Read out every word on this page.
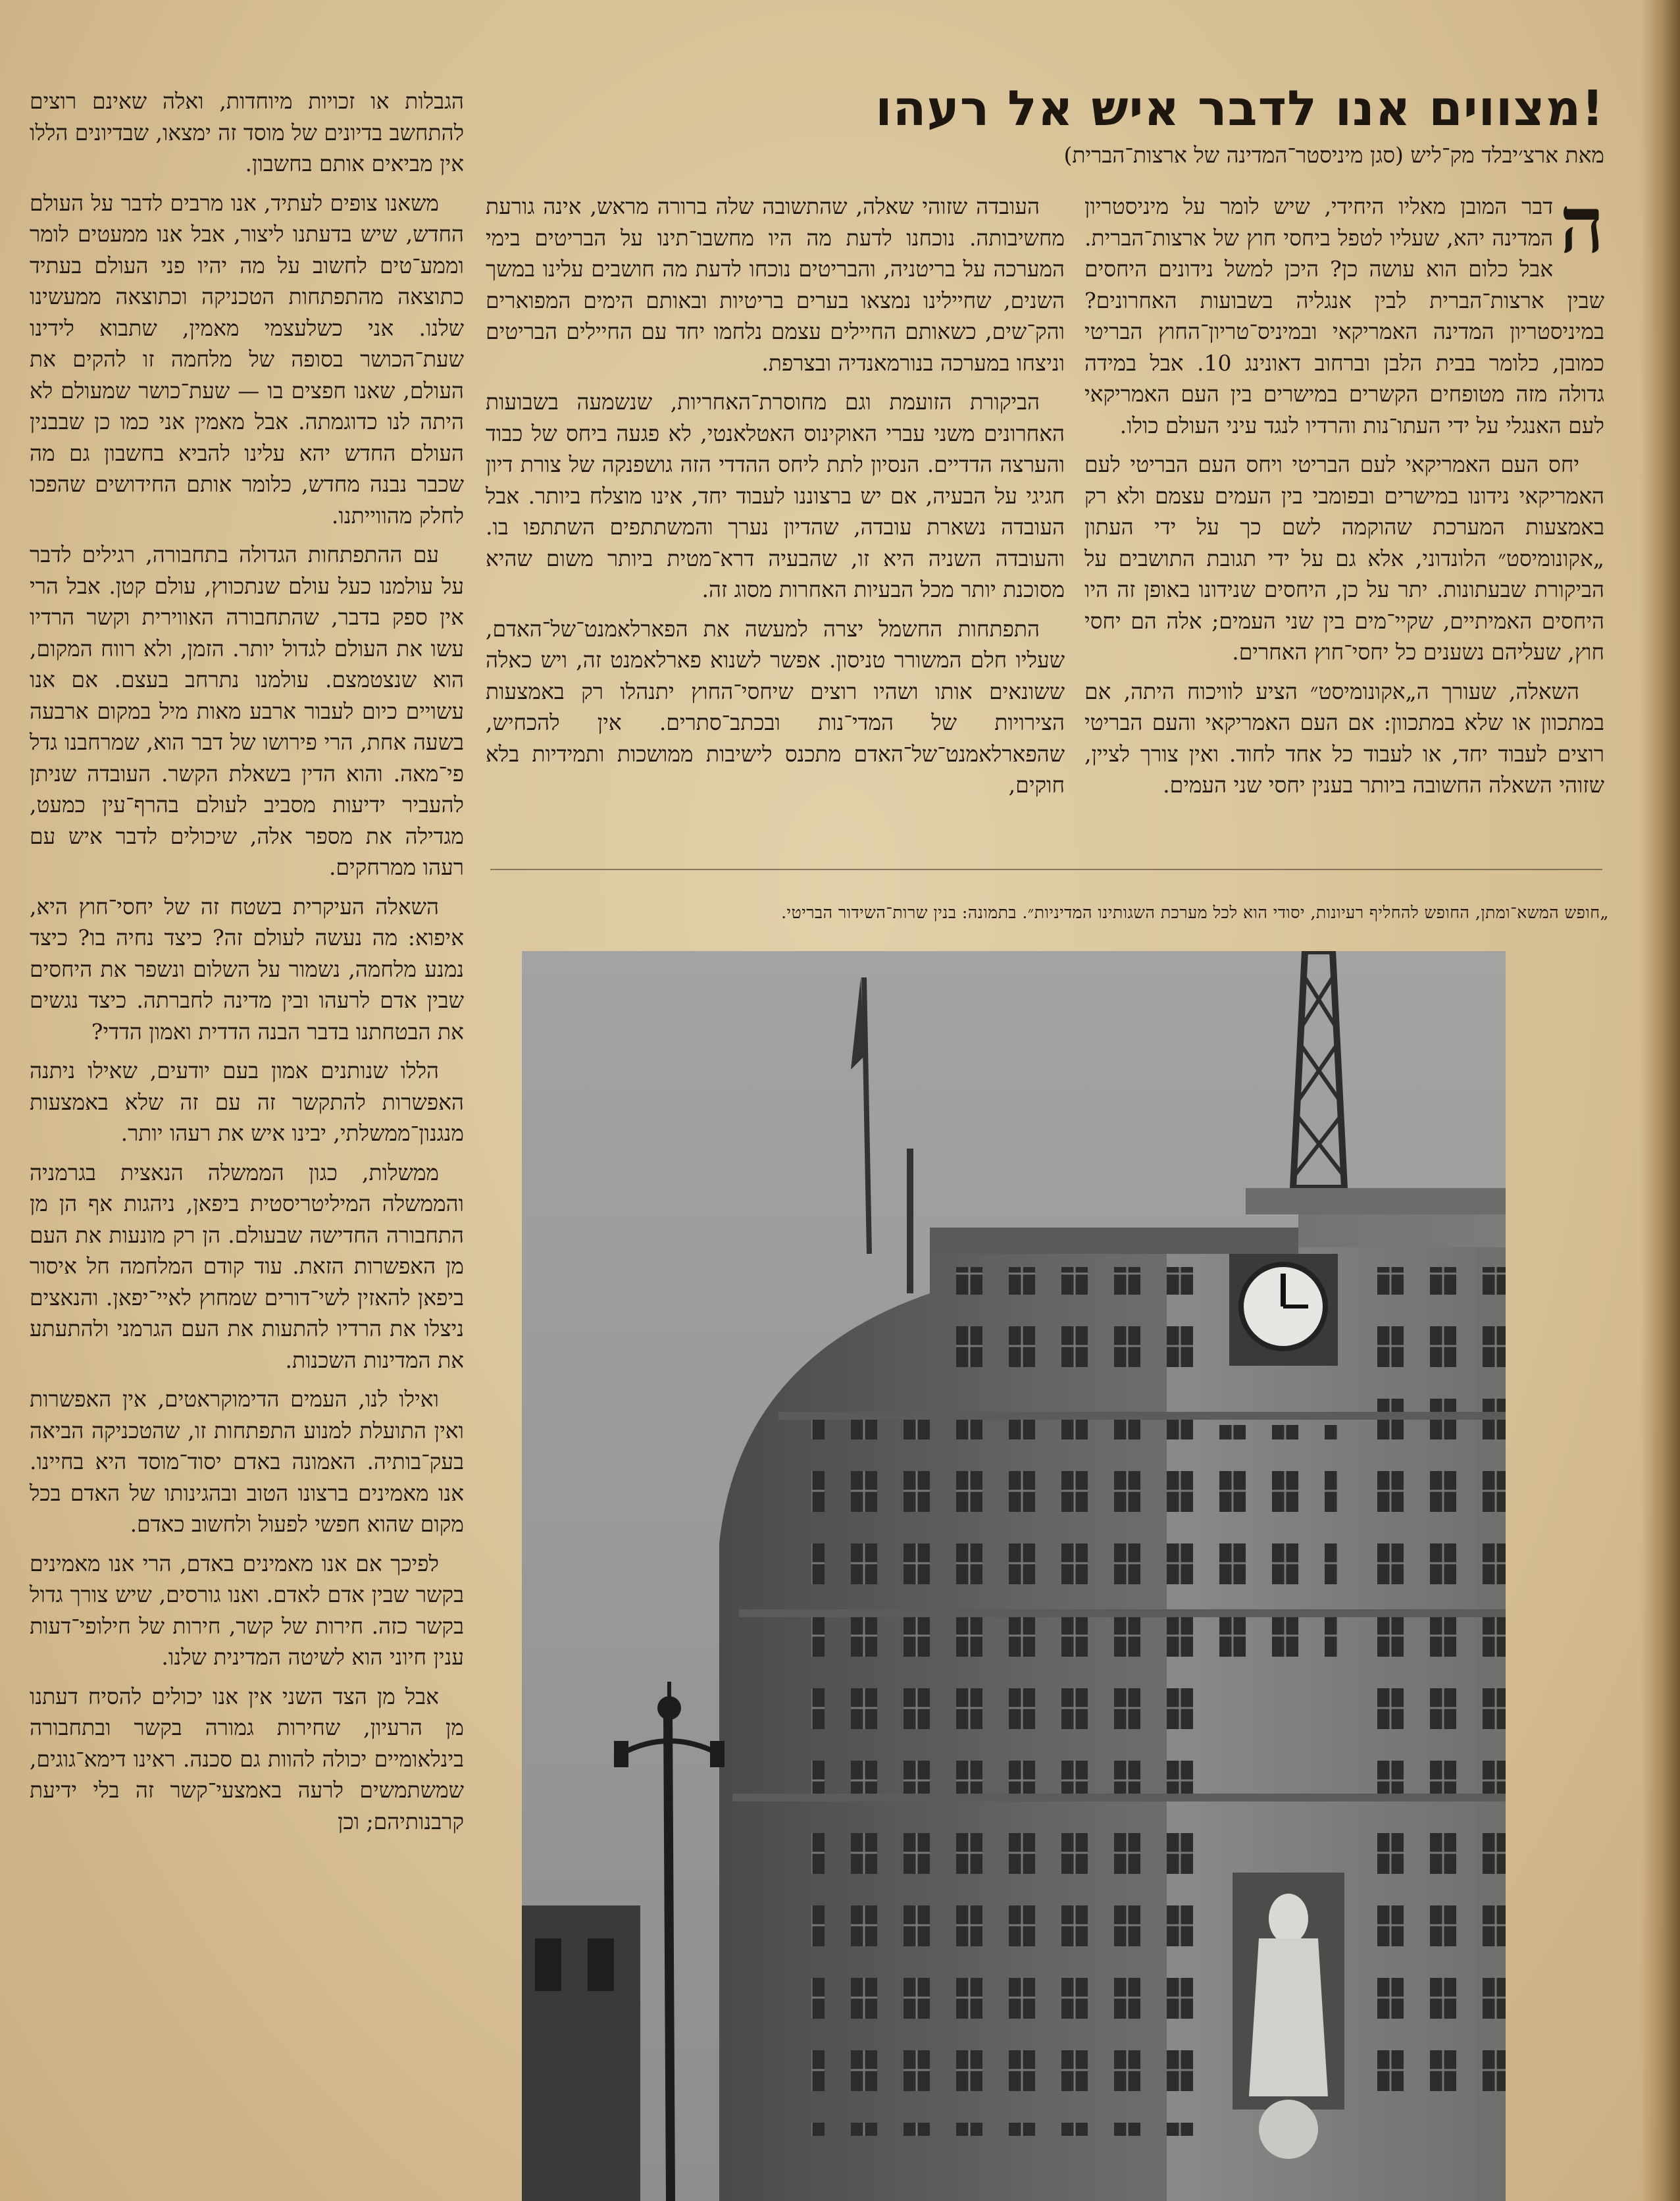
!מצווים אנו לדבר איש אל רעהו
מאת ארצ׳יבלד מק־ליש (סגן מיניסטר־המדינה של ארצות־הברית)

ה
דבר המובן מאליו היחידי, שיש לומר על מיניסטריון המדינה יהא, שעליו לטפל ביחסי חוץ של ארצות־הברית. אבל כלום הוא עושה כן? היכן למשל נידונים היחסים שבין ארצות־הברית לבין אנגליה בשבועות האחרונים? במיניסטריון המדינה האמריקאי ובמיניס־טריון־החוץ הבריטי כמובן, כלומר בבית הלבן וברחוב דאונינג 10. אבל במידה גדולה מזה מטופחים הקשרים במישרים בין העם האמריקאי לעם האנגלי על ידי העתו־נות והרדיו לנגד עיני העולם כולו.

יחס העם האמריקאי לעם הבריטי ויחס העם הבריטי לעם האמריקאי נידונו במישרים ובפומבי בין העמים עצמם ולא רק באמצעות המערכת שהוקמה לשם כך על ידי העתון „אקונומיסט״ הלונדוני, אלא גם על ידי תגובת התושבים על הביקורת שבעתונות. יתר על כן, היחסים שנידונו באופן זה היו היחסים האמיתיים, שקיי־מים בין שני העמים; אלה הם יחסי חוץ, שעליהם נשענים כל יחסי־חוץ האחרים.

השאלה, שעורך ה„אקונומיסט״ הציע לוויכוח היתה, אם במתכוון או שלא במתכוון: אם העם האמריקאי והעם הבריטי רוצים לעבוד יחד, או לעבוד כל אחד לחוד. ואין צורך לציין, שזוהי השאלה החשובה ביותר בענין יחסי שני העמים.

העובדה שזוהי שאלה, שהתשובה שלה ברורה מראש, אינה גורעת מחשיבותה. נוכחנו לדעת מה היו מחשבו־תינו על הבריטים בימי המערכה על בריטניה, והבריטים נוכחו לדעת מה חושבים עלינו במשך השנים, שחיילינו נמצאו בערים בריטיות ובאותם הימים המפוארים והק־שים, כשאותם החיילים עצמם נלחמו יחד עם החיילים הבריטים וניצחו במערכה בנורמאנדיה ובצרפת.

הביקורת הזועמת וגם מחוסרת־האחריות, שנשמעה בשבועות האחרונים משני עברי האוקינוס האטלאנטי, לא פגעה ביחס של כבוד והערצה הדדיים. הנסיון לתת ליחס ההדדי הזה גושפנקה של צורת דיון חגיגי על הבעיה, אם יש ברצוננו לעבוד יחד, אינו מוצלח ביותר. אבל העובדה נשארת עובדה, שהדיון נערך והמשתתפים השתתפו בו. והעובדה השניה היא זו, שהבעיה דרא־מטית ביותר משום שהיא מסוכנת יותר מכל הבעיות האחרות מסוג זה.

התפתחות החשמל יצרה למעשה את הפארלאמנט־של־האדם, שעליו חלם המשורר טניסון. אפשר לשנוא פארלאמנט זה, ויש כאלה ששונאים אותו ושהיו רוצים שיחסי־החוץ יתנהלו רק באמצעות הצירויות של המדי־נות ובכתב־סתרים. אין להכחיש, שהפארלאמנט־של־האדם מתכנס לישיבות ממושכות ותמידיות בלא חוקים,

הגבלות או זכויות מיוחדות, ואלה שאינם רוצים להתחשב בדיונים של מוסד זה ימצאו, שבדיונים הללו אין מביאים אותם בחשבון.

משאנו צופים לעתיד, אנו מרבים לדבר על העולם החדש, שיש בדעתנו ליצור, אבל אנו ממעטים לומר וממע־טים לחשוב על מה יהיו פני העולם בעתיד כתוצאה מהתפתחות הטכניקה וכתוצאה ממעשינו שלנו. אני כשלעצמי מאמין, שתבוא לידינו שעת־הכושר בסופה של מלחמה זו להקים את העולם, שאנו חפצים בו — שעת־כושר שמעולם לא היתה לנו כדוגמתה. אבל מאמין אני כמו כן שבבנין העולם החדש יהא עלינו להביא בחשבון גם מה שכבר נבנה מחדש, כלומר אותם החידושים שהפכו לחלק מהווייתנו.

עם ההתפתחות הגדולה בתחבורה, רגילים לדבר על עולמנו כעל עולם שנתכווץ, עולם קטן. אבל הרי אין ספק בדבר, שהתחבורה האווירית וקשר הרדיו עשו את העולם לגדול יותר. הזמן, ולא רווח המקום, הוא שנצטמצם. עולמנו נתרחב בעצם. אם אנו עשויים כיום לעבור ארבע מאות מיל במקום ארבעה בשעה אחת, הרי פירושו של דבר הוא, שמרחבנו גדל פי־מאה. והוא הדין בשאלת הקשר. העובדה שניתן להעביר ידיעות מסביב לעולם בהרף־עין כמעט, מגדילה את מספר אלה, שיכולים לדבר איש עם רעהו ממרחקים.

השאלה העיקרית בשטח זה של יחסי־חוץ היא, איפוא: מה נעשה לעולם זה? כיצד נחיה בו? כיצד נמנע מלחמה, נשמור על השלום ונשפר את היחסים שבין אדם לרעהו ובין מדינה לחברתה. כיצד נגשים את הבטחתנו בדבר הבנה הדדית ואמון הדדי?

הללו שנותנים אמון בעם יודעים, שאילו ניתנה האפשרות להתקשר זה עם זה שלא באמצעות מנגנון־ממשלתי, יבינו איש את רעהו יותר.

ממשלות, כגון הממשלה הנאצית בגרמניה והממשלה המיליטריסטית ביפאן, ניהגות אף הן מן התחבורה החדישה שבעולם. הן רק מונעות את העם מן האפשרות הזאת. עוד קודם המלחמה חל איסור ביפאן להאזין לשי־דורים שמחוץ לאיי־יפאן. והנאצים ניצלו את הרדיו להתעות את העם הגרמני ולהתעתע את המדינות השכנות.

ואילו לנו, העמים הדימוקראטים, אין האפשרות ואין התועלת למנוע התפתחות זו, שהטכניקה הביאה בעק־בותיה. האמונה באדם יסוד־מוסד היא בחיינו. אנו מאמינים ברצונו הטוב ובהגינותו של האדם בכל מקום שהוא חפשי לפעול ולחשוב כאדם.

לפיכך אם אנו מאמינים באדם, הרי אנו מאמינים בקשר שבין אדם לאדם. ואנו גורסים, שיש צורך גדול בקשר כזה. חירות של קשר, חירות של חילופי־דעות ענין חיוני הוא לשיטה המדינית שלנו.

אבל מן הצד השני אין אנו יכולים להסיח דעתנו מן הרעיון, שחירות גמורה בקשר ובתחבורה בינלאומיים יכולה להוות גם סכנה. ראינו דימא־גוגים, שמשתמשים לרעה באמצעי־קשר זה בלי ידיעת קרבנותיהם; וכן

„חופש המשא־ומתן, החופש להחליף רעיונות, יסודי הוא לכל מערכת השגותינו המדיניות״. בתמונה: בנין שרות־השידור הבריטי.
